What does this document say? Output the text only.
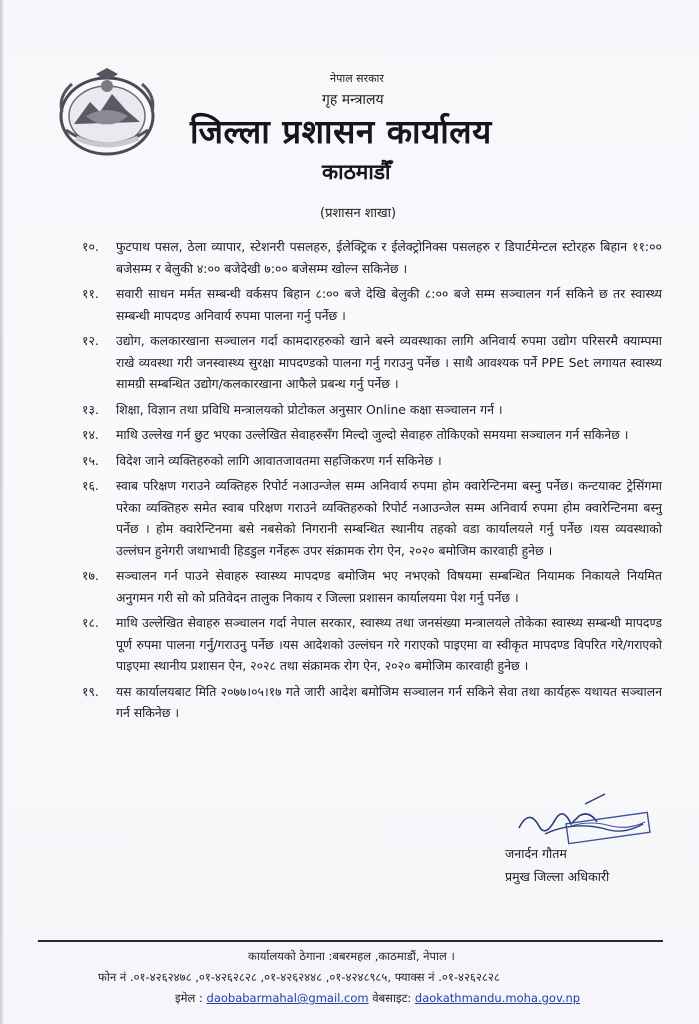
नेपाल सरकार
गृह मन्त्रालय
जिल्ला प्रशासन कार्यालय
काठमाडौँ
(प्रशासन शाखा)
१०.	फुटपाथ पसल, ठेला व्यापार, स्टेशनरी पसलहरु, ईलेक्ट्रिक र ईलेक्ट्रोनिक्स पसलहरु र डिपार्टमेन्टल स्टोरहरु बिहान ११:०० बजेसम्म र बेलुकी ४:०० बजेदेखी ७:०० बजेसम्म खोल्न सकिनेछ ।
११.	सवारी साधन मर्मत सम्बन्धी वर्कसप बिहान ८:०० बजे देखि बेलुकी ८:०० बजे सम्म सञ्चालन गर्न सकिने छ तर स्वास्थ्य सम्बन्धी मापदण्ड अनिवार्य रुपमा पालना गर्नु पर्नेछ ।
१२.	उद्योग, कलकारखाना सञ्चालन गर्दा कामदारहरुको खाने बस्ने व्यवस्थाका लागि अनिवार्य रुपमा उद्योग परिसरमै क्याम्पमा राखे व्यवस्था गरी जनस्वास्थ्य सुरक्षा मापदण्डको पालना गर्नु गराउनु पर्नेछ । साथै आवश्यक पर्ने PPE Set लगायत स्वास्थ्य सामग्री सम्बन्धित उद्योग/कलकारखाना आफैले प्रबन्ध गर्नु पर्नेछ ।
१३.	शिक्षा, विज्ञान तथा प्रविधि मन्त्रालयको प्रोटोकल अनुसार Online कक्षा सञ्चालन गर्न ।
१४.	माथि उल्लेख गर्न छुट भएका उल्लेखित सेवाहरुसँग मिल्दो जुल्दो सेवाहरु तोकिएको समयमा सञ्चालन गर्न सकिनेछ ।
१५.	विदेश जाने व्यक्तिहरुको लागि आवातजावतमा सहजिकरण गर्न सकिनेछ ।
१६.	स्वाब परिक्षण गराउने व्यक्तिहरु रिपोर्ट नआउन्जेल सम्म अनिवार्य रुपमा होम क्वारेन्टिनमा बस्नु पर्नेछ। कन्टयाक्ट ट्रेसिंगमा परेका व्यक्तिहरु समेत स्वाब परिक्षण गराउने व्यक्तिहरुको रिपोर्ट नआउन्जेल सम्म अनिवार्य रुपमा होम क्वारेन्टिनमा बस्नु पर्नेछ । होम क्वारेन्टिनमा बसे नबसेको निगरानी सम्बन्धित स्थानीय तहको वडा कार्यालयले गर्नु पर्नेछ ।यस व्यवस्थाको उल्लंघन हुनेगरी जथाभावी हिडडुल गर्नेहरू उपर संक्रामक रोग ऐन, २०२० बमोजिम कारवाही हुनेछ ।
१७.	सञ्चालन गर्न पाउने सेवाहरु स्वास्थ्य मापदण्ड बमोजिम भए नभएको विषयमा सम्बन्धित नियामक निकायले नियमित अनुगमन गरी सो को प्रतिवेदन तालुक निकाय र जिल्ला प्रशासन कार्यालयमा पेश गर्नु पर्नेछ ।
१८.	माथि उल्लेखित सेवाहरु सञ्चालन गर्दा नेपाल सरकार, स्वास्थ्य तथा जनसंख्या मन्त्रालयले तोकेका स्वास्थ्य सम्बन्धी मापदण्ड पूर्ण रुपमा पालना गर्नु/गराउनु पर्नेछ ।यस आदेशको उल्लंघन गरे गराएको पाइएमा वा स्वीकृत मापदण्ड विपरित गरे/गराएको पाइएमा स्थानीय प्रशासन ऐन, २०२८ तथा संक्रामक रोग ऐन, २०२० बमोजिम कारवाही हुनेछ ।
१९.	यस कार्यालयबाट मिति २०७७।०५।१७ गते जारी आदेश बमोजिम सञ्चालन गर्न सकिने सेवा तथा कार्यहरू यथायत सञ्चालन गर्न सकिनेछ ।
जनार्दन गौतम
प्रमुख जिल्ला अधिकारी
कार्यालयको ठेगाना :बबरमहल ,काठमाडौं, नेपाल ।
फोन नं .०१-४२६२४७८ ,०१-४२६२८२८ ,०१-४२६२४४८ ,०१-४२४८९८५, फ्याक्स नं .०१-४२६२८२८
इमेल : daobabarmahal@gmail.com वेबसाइट: daokathmandu.moha.gov.np
